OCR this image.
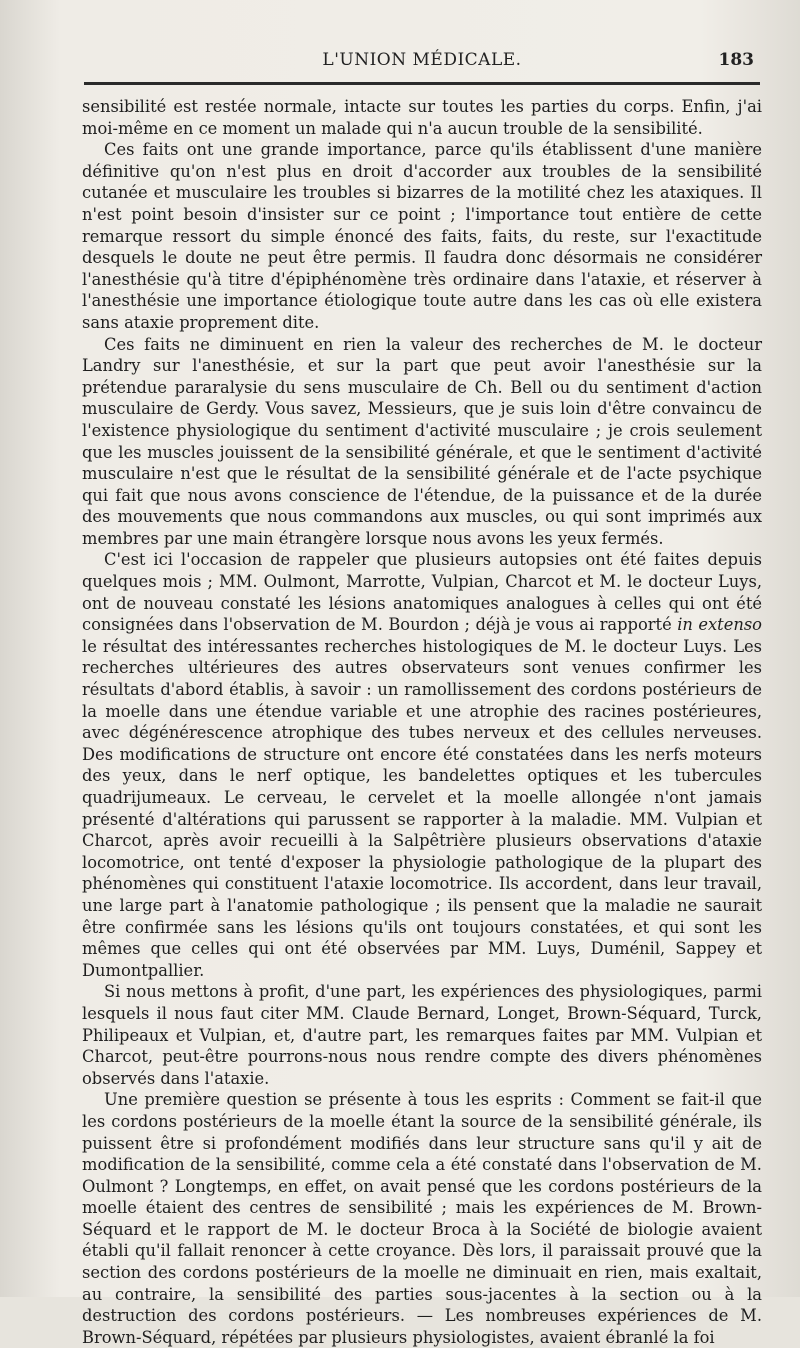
L'UNION MÉDICALE.	183

sensibilité est restée normale, intacte sur toutes les parties du corps. Enfin, j'ai moi-même en ce moment un malade qui n'a aucun trouble de la sensibilité.

Ces faits ont une grande importance, parce qu'ils établissent d'une manière définitive qu'on n'est plus en droit d'accorder aux troubles de la sensibilité cutanée et musculaire les troubles si bizarres de la motilité chez les ataxiques. Il n'est point besoin d'insister sur ce point ; l'importance tout entière de cette remarque ressort du simple énoncé des faits, faits, du reste, sur l'exactitude desquels le doute ne peut être permis. Il faudra donc désormais ne considérer l'anesthésie qu'à titre d'épiphénomène très ordinaire dans l'ataxie, et réserver à l'anesthésie une importance étiologique toute autre dans les cas où elle existera sans ataxie proprement dite.

Ces faits ne diminuent en rien la valeur des recherches de M. le docteur Landry sur l'anesthésie, et sur la part que peut avoir l'anesthésie sur la prétendue pararalysie du sens musculaire de Ch. Bell ou du sentiment d'action musculaire de Gerdy. Vous savez, Messieurs, que je suis loin d'être convaincu de l'existence physiologique du sentiment d'activité musculaire ; je crois seulement que les muscles jouissent de la sensibilité générale, et que le sentiment d'activité musculaire n'est que le résultat de la sensibilité générale et de l'acte psychique qui fait que nous avons conscience de l'étendue, de la puissance et de la durée des mouvements que nous commandons aux muscles, ou qui sont imprimés aux membres par une main étrangère lorsque nous avons les yeux fermés.

C'est ici l'occasion de rappeler que plusieurs autopsies ont été faites depuis quelques mois ; MM. Oulmont, Marrotte, Vulpian, Charcot et M. le docteur Luys, ont de nouveau constaté les lésions anatomiques analogues à celles qui ont été consignées dans l'observation de M. Bourdon ; déjà je vous ai rapporté in extenso le résultat des intéressantes recherches histologiques de M. le docteur Luys. Les recherches ultérieures des autres observateurs sont venues confirmer les résultats d'abord établis, à savoir : un ramollissement des cordons postérieurs de la moelle dans une étendue variable et une atrophie des racines postérieures, avec dégénérescence atrophique des tubes nerveux et des cellules nerveuses. Des modifications de structure ont encore été constatées dans les nerfs moteurs des yeux, dans le nerf optique, les bandelettes optiques et les tubercules quadrijumeaux. Le cerveau, le cervelet et la moelle allongée n'ont jamais présenté d'altérations qui parussent se rapporter à la maladie. MM. Vulpian et Charcot, après avoir recueilli à la Salpêtrière plusieurs observations d'ataxie locomotrice, ont tenté d'exposer la physiologie pathologique de la plupart des phénomènes qui constituent l'ataxie locomotrice. Ils accordent, dans leur travail, une large part à l'anatomie pathologique ; ils pensent que la maladie ne saurait être confirmée sans les lésions qu'ils ont toujours constatées, et qui sont les mêmes que celles qui ont été observées par MM. Luys, Duménil, Sappey et Dumontpallier.

Si nous mettons à profit, d'une part, les expériences des physiologiques, parmi lesquels il nous faut citer MM. Claude Bernard, Longet, Brown-Séquard, Turck, Philipeaux et Vulpian, et, d'autre part, les remarques faites par MM. Vulpian et Charcot, peut-être pourrons-nous nous rendre compte des divers phénomènes observés dans l'ataxie.

Une première question se présente à tous les esprits : Comment se fait-il que les cordons postérieurs de la moelle étant la source de la sensibilité générale, ils puissent être si profondément modifiés dans leur structure sans qu'il y ait de modification de la sensibilité, comme cela a été constaté dans l'observation de M. Oulmont ? Longtemps, en effet, on avait pensé que les cordons postérieurs de la moelle étaient des centres de sensibilité ; mais les expériences de M. Brown-Séquard et le rapport de M. le docteur Broca à la Société de biologie avaient établi qu'il fallait renoncer à cette croyance. Dès lors, il paraissait prouvé que la section des cordons postérieurs de la moelle ne diminuait en rien, mais exaltait, au contraire, la sensibilité des parties sous-jacentes à la section ou à la destruction des cordons postérieurs. — Les nombreuses expériences de M. Brown-Séquard, répétées par plusieurs physiologistes, avaient ébranlé la foi
